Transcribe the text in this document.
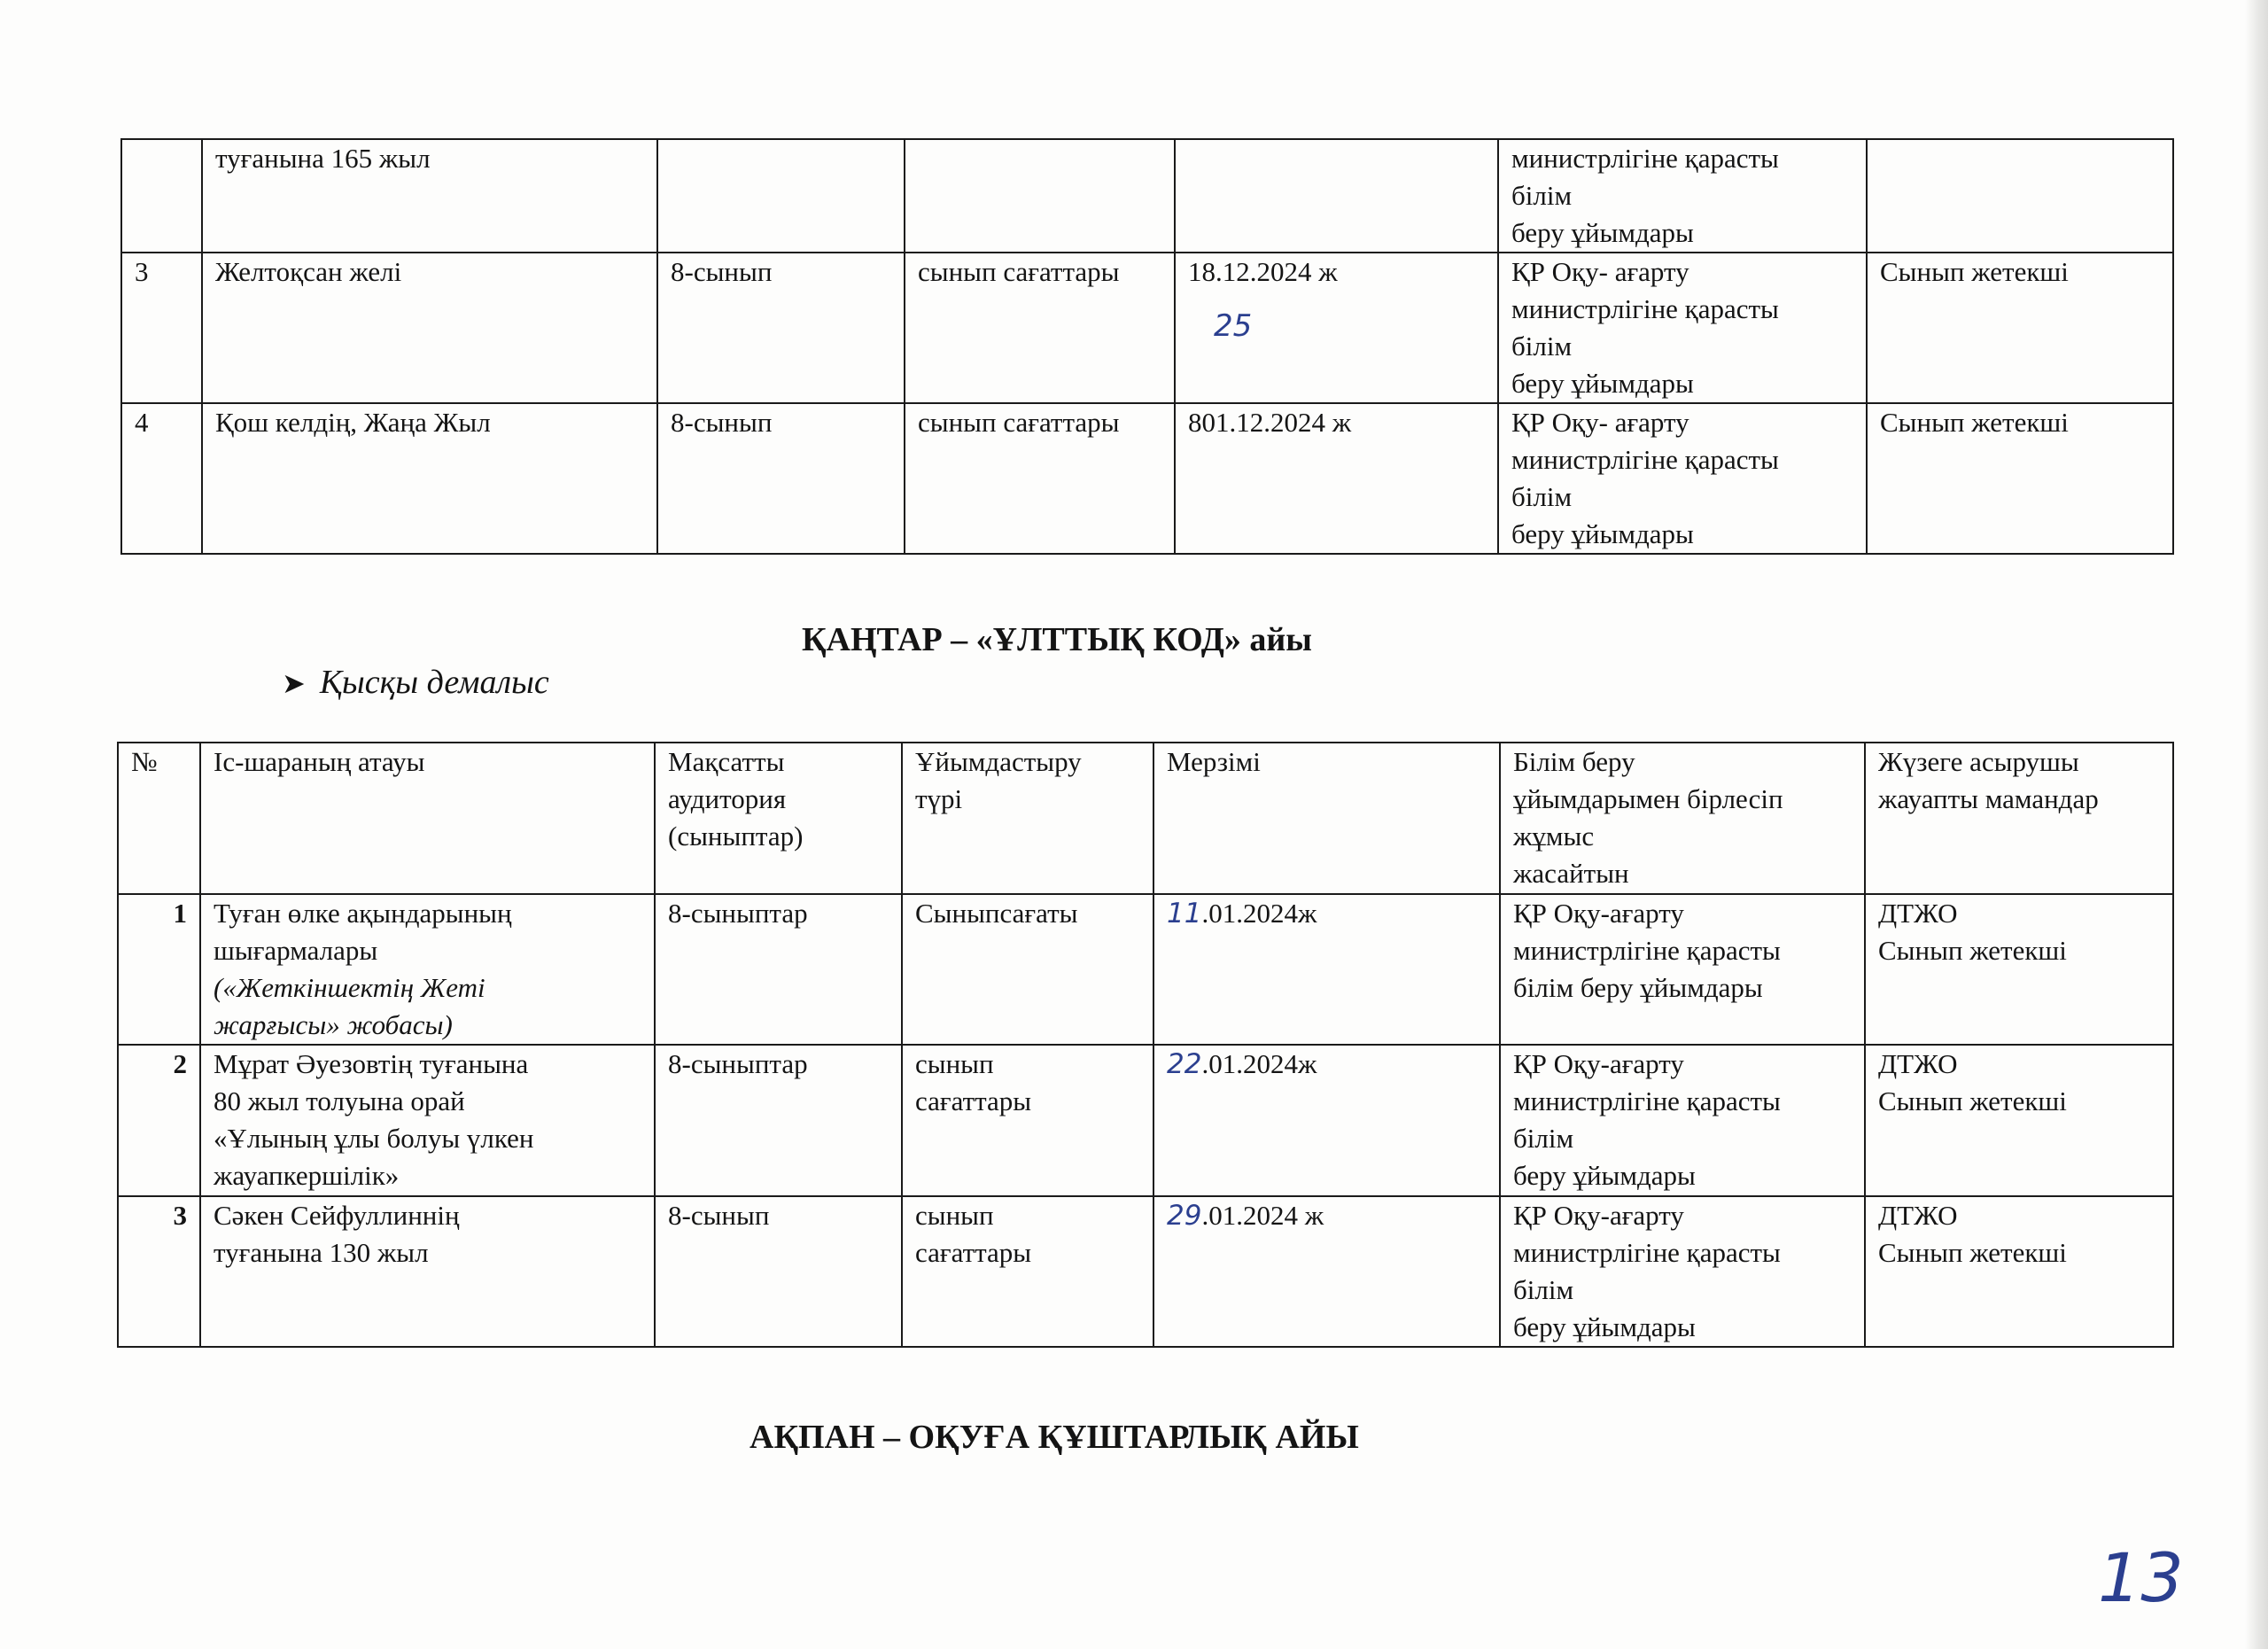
	туғанына 165 жыл				министрлігіне қарасты
білім
беру ұйымдары	
3	Желтоқсан желі	8-сынып	сынып сағаттары	18.12.2024 ж	ҚР Оқу- ағарту
министрлігіне қарасты
білім
беру ұйымдары	Сынып жетекші
4	Қош келдің, Жаңа Жыл	8-сынып	сынып сағаттары	801.12.2024 ж	ҚР Оқу- ағарту
министрлігіне қарасты
білім
беру ұйымдары	Сынып жетекші
25
ҚАҢТАР – «ҰЛТТЫҚ КОД» айы
➤ Қысқы демалыс
№	Іс-шараның атауы	Мақсатты
аудитория
(сыныптар)	Ұйымдастыру
түрі	Мерзімі	Білім беру
ұйымдарымен бірлесіп
жұмыс
жасайтын	Жүзеге асырушы
жауапты мамандар
1	Туған өлке ақындарының
шығармалары
(«Жеткіншектің Жеті
жарғысы» жобасы)	8-сыныптар	Сыныпсағаты	11.01.2024ж	ҚР Оқу-ағарту
министрлігіне қарасты
білім беру ұйымдары	ДТЖО
Сынып жетекші
2	Мұрат Әуезовтің туғанына
80 жыл толуына орай
«Ұлының ұлы болуы үлкен
жауапкершілік»	8-сыныптар	сынып
сағаттары	22.01.2024ж	ҚР Оқу-ағарту
министрлігіне қарасты
білім
беру ұйымдары	ДТЖО
Сынып жетекші
3	Сәкен Сейфуллиннің
туғанына 130 жыл	8-сынып	сынып
сағаттары	29.01.2024 ж	ҚР Оқу-ағарту
министрлігіне қарасты
білім
беру ұйымдары	ДТЖО
Сынып жетекші
АҚПАН – ОҚУҒА ҚҰШТАРЛЫҚ АЙЫ
13
